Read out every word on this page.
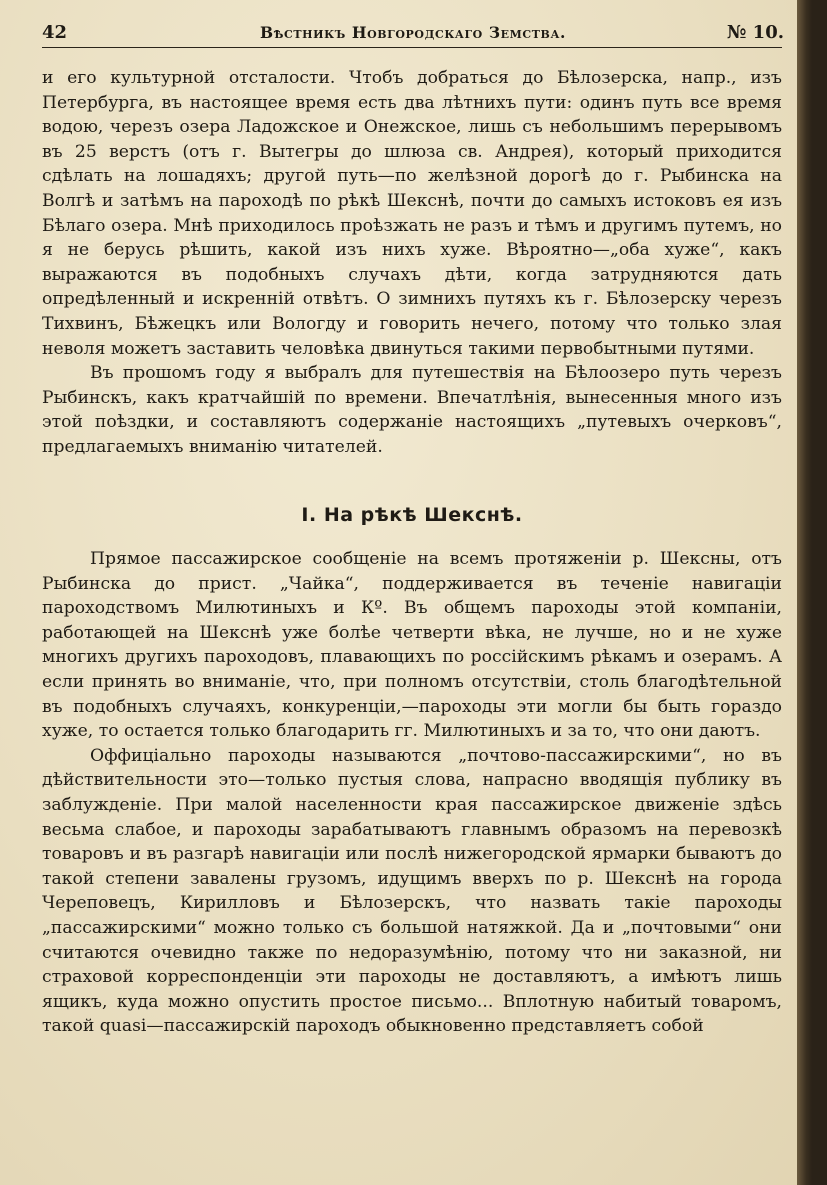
42	Вѣстникъ Новгородскаго Земства.	№ 10.

и его культурной отсталости. Чтобъ добраться до Бѣлозерска, напр., изъ Петербурга, въ настоящее время есть два лѣтнихъ пути: одинъ путь все время водою, черезъ озера Ладожское и Онежское, лишь съ небольшимъ перерывомъ въ 25 верстъ (отъ г. Вытегры до шлюза св. Андрея), который приходится сдѣлать на лошадяхъ; другой путь—по желѣзной дорогѣ до г. Рыбинска на Волгѣ и затѣмъ на пароходѣ по рѣкѣ Шекснѣ, почти до самыхъ истоковъ ея изъ Бѣлаго озера. Мнѣ приходилось проѣзжать не разъ и тѣмъ и другимъ путемъ, но я не берусь рѣшить, какой изъ нихъ хуже. Вѣроятно—„оба хуже“, какъ выражаются въ подобныхъ случахъ дѣти, когда затрудняются дать опредѣленный и искренній отвѣтъ. О зимнихъ путяхъ къ г. Бѣлозерску черезъ Тихвинъ, Бѣжецкъ или Вологду и говорить нечего, потому что только злая неволя можетъ заставить человѣка двинуться такими первобытными путями.

Въ прошомъ году я выбралъ для путешествія на Бѣлоозеро путь черезъ Рыбинскъ, какъ кратчайшій по времени. Впечатлѣнія, вынесенныя много изъ этой поѣздки, и составляютъ содержаніе настоящихъ „путевыхъ очерковъ“, предлагаемыхъ вниманію читателей.

I. На рѣкѣ Шекснѣ.

Прямое пассажирское сообщеніе на всемъ протяженіи р. Шексны, отъ Рыбинска до прист. „Чайка“, поддерживается въ теченіе навигаціи пароходствомъ Милютиныхъ и Кº. Въ общемъ пароходы этой компаніи, работающей на Шекснѣ уже болѣе четверти вѣка, не лучше, но и не хуже многихъ другихъ пароходовъ, плавающихъ по россійскимъ рѣкамъ и озерамъ. А если принять во вниманіе, что, при полномъ отсутствіи, столь благодѣтельной въ подобныхъ случаяхъ, конкуренціи,—пароходы эти могли бы быть гораздо хуже, то остается только благодарить гг. Милютиныхъ и за то, что они даютъ.

Оффиціально пароходы называются „почтово-пассажирскими“, но въ дѣйствительности это—только пустыя слова, напрасно вводящія публику въ заблужденіе. При малой населенности края пассажирское движеніе здѣсь весьма слабое, и пароходы зарабатываютъ главнымъ образомъ на перевозкѣ товаровъ и въ разгарѣ навигаціи или послѣ нижегородской ярмарки бываютъ до такой степени завалены грузомъ, идущимъ вверхъ по р. Шекснѣ на города Череповецъ, Кирилловъ и Бѣлозерскъ, что назвать такіе пароходы „пассажирскими“ можно только съ большой натяжкой. Да и „почтовыми“ они считаются очевидно также по недоразумѣнію, потому что ни заказной, ни страховой корреспонденціи эти пароходы не доставляютъ, а имѣютъ лишь ящикъ, куда можно опустить простое письмо... Вплотную набитый товаромъ, такой quasi—пассажирскій пароходъ обыкновенно представляетъ собой
